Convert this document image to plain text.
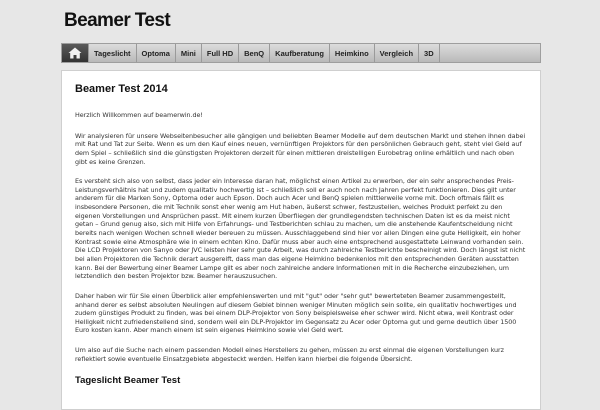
Beamer Test
Tageslicht	Optoma	Mini	Full HD	BenQ	Kaufberatung	Heimkino	Vergleich	3D
Beamer Test 2014

Herzlich Willkommen auf beamerwin.de!

Wir analysieren für unsere Webseitenbesucher alle gängigen und beliebten Beamer Modelle auf dem deutschen Markt und stehen ihnen dabei mit Rat und Tat zur Seite. Wenn es um den Kauf eines neuen, vernünftigen Projektors für den persönlichen Gebrauch geht, steht viel Geld auf dem Spiel – schließlich sind die günstigsten Projektoren derzeit für einen mittleren dreistelligen Eurobetrag online erhältlich und nach oben gibt es keine Grenzen.

Es versteht sich also von selbst, dass jeder ein Interesse daran hat, möglichst einen Artikel zu erwerben, der ein sehr ansprechendes Preis-Leistungsverhältnis hat und zudem qualitativ hochwertig ist – schließlich soll er auch noch nach Jahren perfekt funktionieren. Dies gilt unter anderem für die Marken Sony, Optoma oder auch Epson. Doch auch Acer und BenQ spielen mittlerweile vorne mit. Doch oftmals fällt es insbesondere Personen, die mit Technik sonst eher wenig am Hut haben, äußerst schwer, festzustellen, welches Produkt perfekt zu den eigenen Vorstellungen und Ansprüchen passt. Mit einem kurzen Überfliegen der grundlegendsten technischen Daten ist es da meist nicht getan – Grund genug also, sich mit Hilfe von Erfahrungs- und Testberichten schlau zu machen, um die anstehende Kaufentscheidung nicht bereits nach wenigen Wochen schnell wieder bereuen zu müssen. Ausschlaggebend sind hier vor allen Dingen eine gute Helligkeit, ein hoher Kontrast sowie eine Atmosphäre wie in einem echten Kino. Dafür muss aber auch eine entsprechend ausgestattete Leinwand vorhanden sein. Die LCD Projektoren von Sanyo oder JVC leisten hier sehr gute Arbeit, was durch zahlreiche Testberichte bescheinigt wird. Doch längst ist nicht bei allen Projektoren die Technik derart ausgereift, dass man das eigene Heimkino bedenkenlos mit den entsprechenden Geräten ausstatten kann. Bei der Bewertung einer Beamer Lampe gilt es aber noch zahlreiche andere Informationen mit in die Recherche einzubeziehen, um letztendlich den besten Projektor bzw. Beamer herauszusuchen.

Daher haben wir für Sie einen Überblick aller empfehlenswerten und mit "gut" oder "sehr gut" bewerteteten Beamer zusammengestellt, anhand derer es selbst absoluten Neulingen auf diesem Gebiet binnen weniger Minuten möglich sein sollte, ein qualitativ hochwertiges und zudem günstiges Produkt zu finden, was bei einem DLP-Projektor von Sony beispielsweise eher schwer wird. Nicht etwa, weil Kontrast oder Helligkeit nicht zufriedenstellend sind, sondern weil ein DLP-Projektor im Gegensatz zu Acer oder Optoma gut und gerne deutlich über 1500 Euro kosten kann. Aber manch einem ist sein eigenes Heimkino sowie viel Geld wert.

Um also auf die Suche nach einem passenden Modell eines Herstellers zu gehen, müssen zu erst einmal die eigenen Vorstellungen kurz reflektiert sowie eventuelle Einsatzgebiete abgesteckt werden. Helfen kann hierbei die folgende Übersicht.

Tageslicht Beamer Test
